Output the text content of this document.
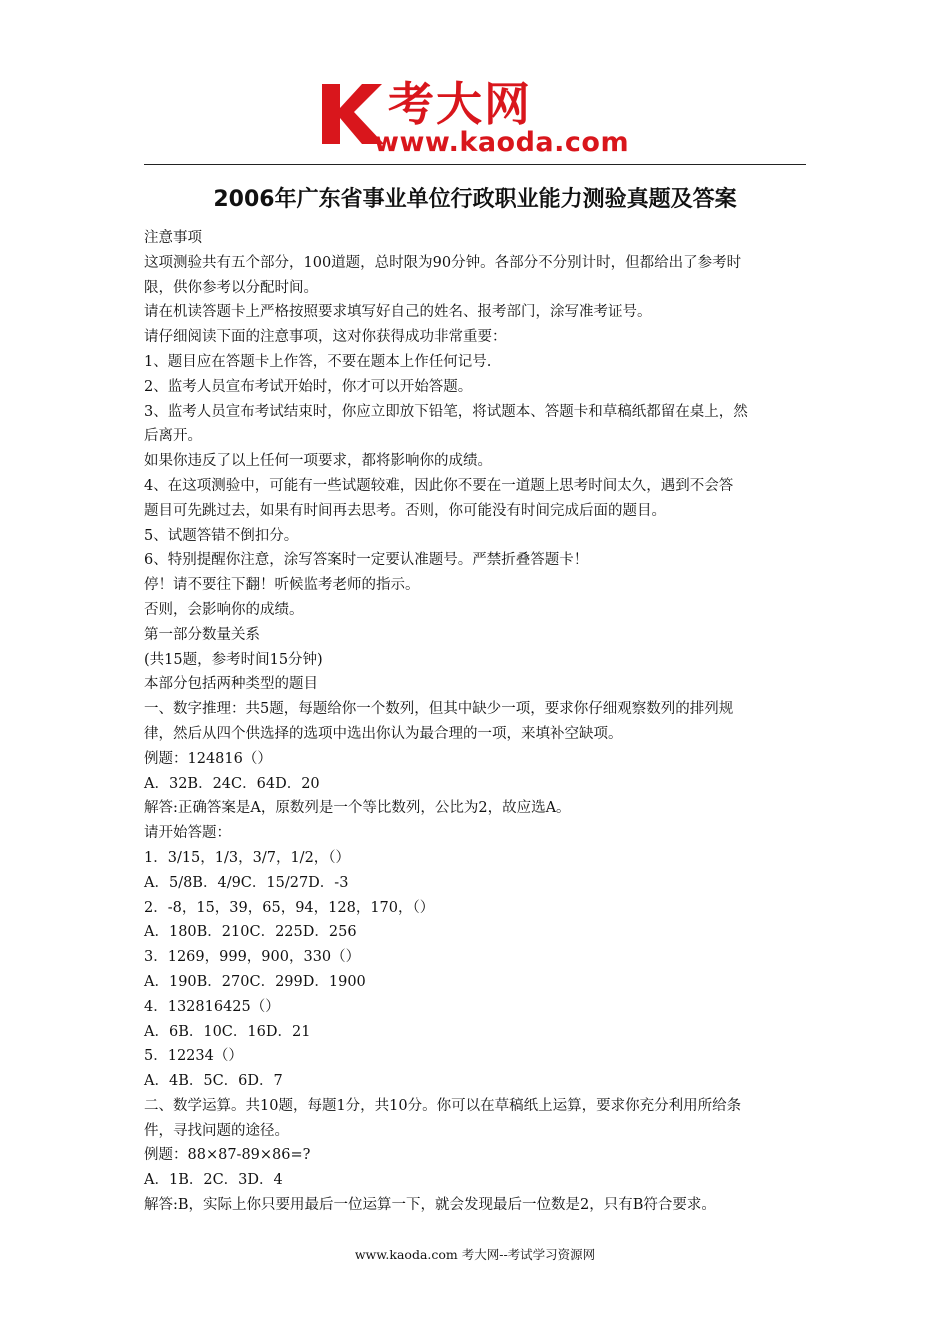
考大网
www.kaoda.com
2006年广东省事业单位行政职业能力测验真题及答案
注意事项
这项测验共有五个部分，100道题，总时限为90分钟。各部分不分别计时，但都给出了参考时
限，供你参考以分配时间。
请在机读答题卡上严格按照要求填写好自己的姓名、报考部门，涂写准考证号。
请仔细阅读下面的注意事项，这对你获得成功非常重要：
1、题目应在答题卡上作答，不要在题本上作任何记号.
2、监考人员宣布考试开始时，你才可以开始答题。
3、监考人员宣布考试结束时，你应立即放下铅笔，将试题本、答题卡和草稿纸都留在桌上，然
后离开。
如果你违反了以上任何一项要求，都将影响你的成绩。
4、在这项测验中，可能有一些试题较难，因此你不要在一道题上思考时间太久，遇到不会答
题目可先跳过去，如果有时间再去思考。否则，你可能没有时间完成后面的题目。
5、试题答错不倒扣分。
6、特别提醒你注意，涂写答案时一定要认准题号。严禁折叠答题卡！
停！请不要往下翻！听候监考老师的指示。
否则，会影响你的成绩。
第一部分数量关系
(共15题，参考时间15分钟)
本部分包括两种类型的题目
一、数字推理：共5题，每题给你一个数列，但其中缺少一项，要求你仔细观察数列的排列规
律，然后从四个供选择的选项中选出你认为最合理的一项，来填补空缺项。
例题：124816（）
A．32B．24C．64D．20
解答:正确答案是A，原数列是一个等比数列，公比为2，故应选A。
请开始答题：
1．3/15，1/3，3/7，1/2，（）
A．5/8B．4/9C．15/27D．-3
2．-8，15，39，65，94，128，170，（）
A．180B．210C．225D．256
3．1269，999，900，330（）
A．190B．270C．299D．1900
4．132816425（）
A．6B．10C．16D．21
5．12234（）
A．4B．5C．6D．7
二、数学运算。共10题，每题1分，共10分。你可以在草稿纸上运算，要求你充分利用所给条
件，寻找问题的途径。
例题：88×87-89×86=?
A．1B．2C．3D．4
解答:B，实际上你只要用最后一位运算一下，就会发现最后一位数是2，只有B符合要求。
www.kaoda.com 考大网--考试学习资源网
